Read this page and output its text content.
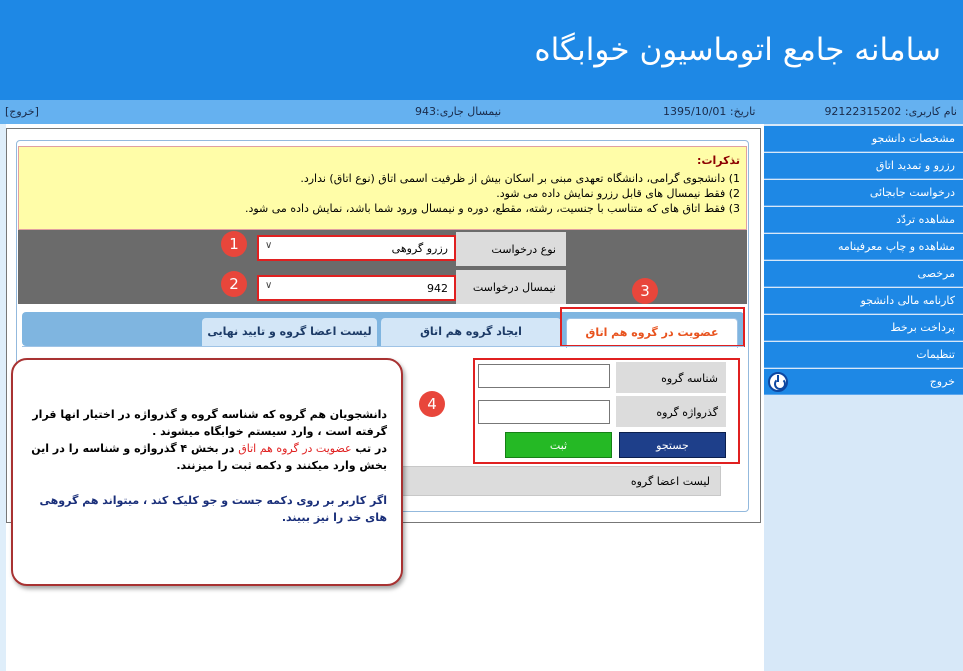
سامانه جامع اتوماسیون خوابگاه
نام کاربری: 92122315202
تاریخ: 1395/10/01
نیمسال جاری:943
[خروج]
مشخصات دانشجو
رزرو و تمدید اتاق
درخواست جابجائی
مشاهده تردّد
مشاهده و چاپ معرفینامه
مرخصی
کارنامه مالی دانشجو
پرداخت برخط
تنظیمات
خروج
تذکرات:
1) دانشجوی گرامی، دانشگاه تعهدی مبنی بر اسکان بیش از ظرفیت اسمی اتاق (نوع اتاق) ندارد.
2) فقط نیمسال های قابل رزرو نمایش داده می شود.
3) فقط اتاق های که متناسب با جنسیت، رشته، مقطع، دوره و نیمسال ورود شما باشد، نمایش داده می شود.
نوع درخواست
رزرو گروهی
∨
نیمسال درخواست
942
∨
1
2	3
ایجاد گروه هم اتاق
لیست اعضا گروه و تایید نهایی	عضویت در گروه هم اتاق
شناسه گروه
گذرواژه گروه
جستجو
ثبت
4
لیست اعضا گروه
دانشجویان هم گروه که شناسه گروه و گذرواژه در اختیار انها قرار گرفته است ، وارد سیستم خوابگاه میشوند .
در تب عضویت در گروه هم اتاق در بخش ۴ گذرواژه و شناسه را در این بخش وارد میکنند و دکمه ثبت را میزنند.
اگر کاربر بر روی دکمه جست و جو کلیک کند ، میتواند هم گروهی های خد را نیز ببیند.
